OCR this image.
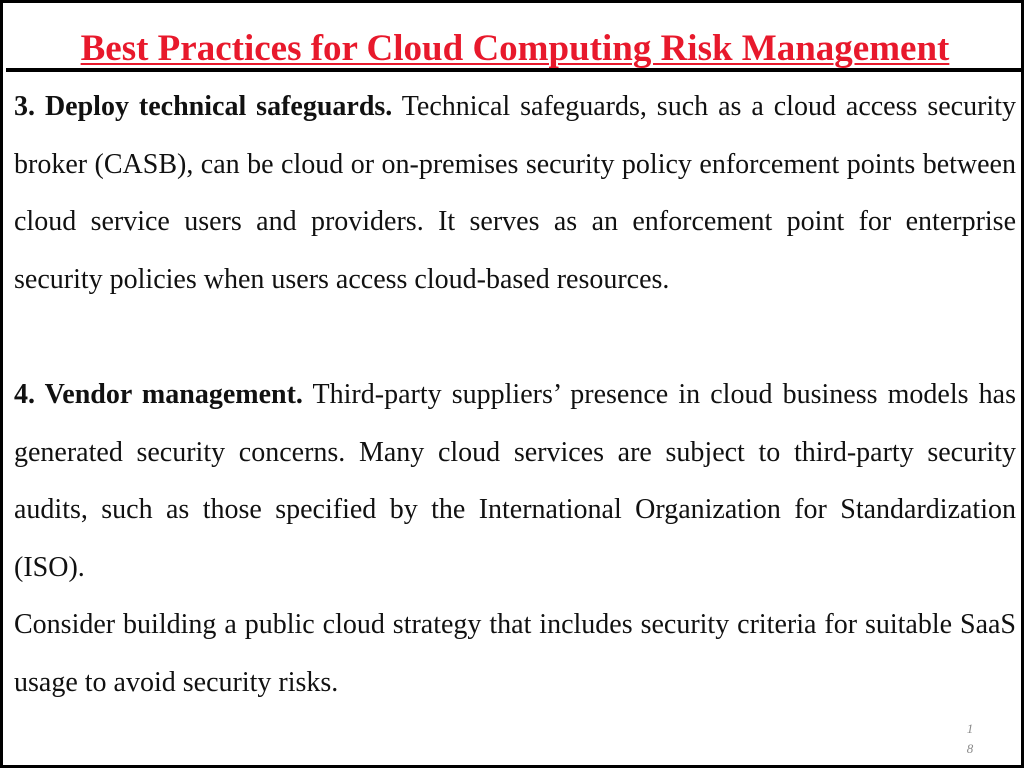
Best Practices for Cloud Computing Risk Management

3. Deploy technical safeguards. Technical safeguards, such as a cloud access security broker (CASB), can be cloud or on-premises security policy enforcement points between cloud service users and providers. It serves as an enforcement point for enterprise security policies when users access cloud-based resources.

4. Vendor management. Third-party suppliers’ presence in cloud business models has generated security concerns. Many cloud services are subject to third-party security audits, such as those specified by the International Organization for Standardization (ISO).

Consider building a public cloud strategy that includes security criteria for suitable SaaS usage to avoid security risks.

1
8
